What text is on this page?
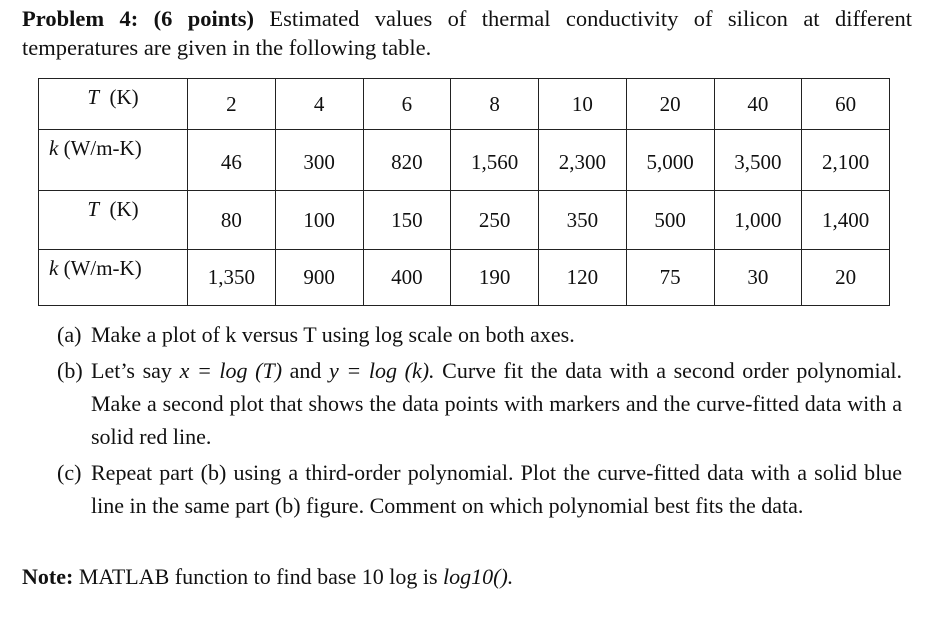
Problem 4: (6 points) Estimated values of thermal conductivity of silicon at different temperatures are given in the following table.
T (K)	2	4	6	8	10	20	40	60
k (W/m-K)	46	300	820	1,560	2,300	5,000	3,500	2,100
T (K)	80	100	150	250	350	500	1,000	1,400
k (W/m-K)	1,350	900	400	190	120	75	30	20
(a) Make a plot of k versus T using log scale on both axes.
(b) Let’s say x = log (T) and y = log (k). Curve fit the data with a second order polynomial. Make a second plot that shows the data points with markers and the curve-fitted data with a solid red line.
(c) Repeat part (b) using a third-order polynomial. Plot the curve-fitted data with a solid blue line in the same part (b) figure. Comment on which polynomial best fits the data.
Note: MATLAB function to find base 10 log is log10().
